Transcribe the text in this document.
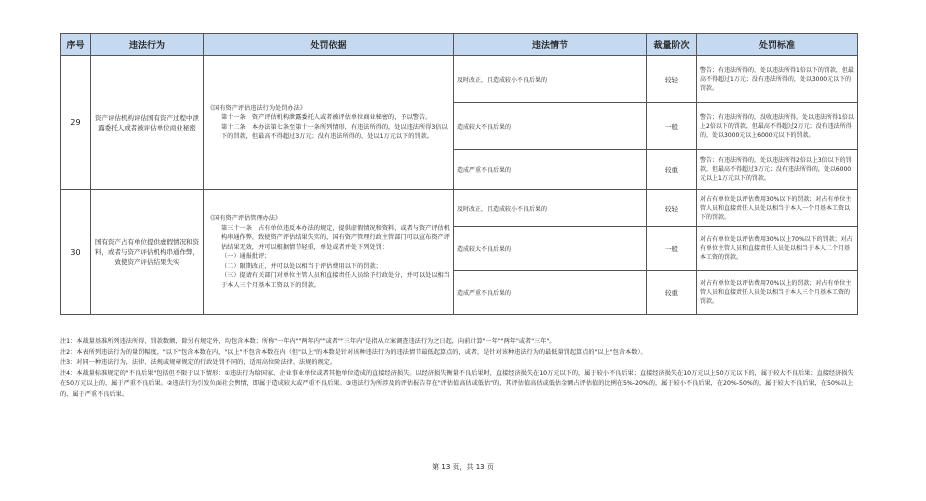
序号	违法行为	处罚依据	违法情节	裁量阶次	处罚标准
29	资产评估机构评估国有资产过程中泄露委托人或者被评估单位商业秘密	《国有资产评估违法行为处罚办法》
第十一条　资产评估机构泄露委托人或者被评估单位商业秘密的，予以警告。
第十二条　本办法第七条至第十一条所列情形，有违法所得的，处以违法所得3倍以下的罚款，但最高不得超过3万元；没有违法所得的，处以1万元以下的罚款。	及时改正，且造成较小不良后果的	较轻	警告；有违法所得的，处以违法所得1倍以下的罚款，但最高不得超过1万元；没有违法所得的，处以3000元以下的罚款。
			造成较大不良后果的	一般	警告；有违法所得的，没收违法所得，处以违法所得1倍以上2倍以下的罚款，但最高不得超过2万元；没有违法所得的，处以3000元以上6000元以下的罚款。
			造成严重不良后果的	较重	警告；有违法所得的，处以违法所得2倍以上3倍以下的罚款，但最高不得超过3万元；没有违法所得的，处以6000元以上1万元以下的罚款。
30	国有资产占有单位提供虚假情况和资料，或者与资产评估机构串通作弊，致使资产评估结果失实	《国有资产评估管理办法》
第三十一条　占有单位违反本办法的规定，提供虚假情况和资料，或者与资产评估机构串通作弊，致使资产评估结果失实的，国有资产管理行政主管部门可以宣布资产评估结果无效，并可以根据情节轻重，单处或者并处下列处罚：
（一）通报批评；
（二）限期改正，并可以处以相当于评估费用以下的罚款；
（三）提请有关部门对单位主管人员和直接责任人员给予行政处分，并可以处以相当于本人三个月基本工资以下的罚款。	及时改正，且造成较小不良后果的	较轻	对占有单位处以评估费用30%以下的罚款；对占有单位主管人员和直接责任人员处以相当于本人一个月基本工资以下的罚款。
			造成较大不良后果的	一般	对占有单位处以评估费用30%以上70%以下的罚款；对占有单位主管人员和直接责任人员处以相当于本人二个月基本工资的罚款。
			造成严重不良后果的	较重	对占有单位处以评估费用70%以上的罚款；对占有单位主管人员和直接责任人员处以相当于本人三个月基本工资的罚款。
注1：本裁量基准所列违法所得、罚款数额，除另有规定外，均包含本数；所称"一年内""两年内""或者""三年内"是指从立案调查违法行为之日起，向前计算"一年""两年"或者"三年"。
注2：本表所列违法行为的量罚幅度，"以下"包含本数在内，"以上"不包含本数在内（但"以上"的本数是针对该种违法行为的违法情节最低起算点的，或者，是针对该种违法行为的最低量罚起算点的"以上"包含本数）。
注3：对同一种违法行为，法律、法规或规章规定的行政处罚不同的，适用高位阶法律、法规的规定。
注4：本裁量标准规定的"不良后果"包括但不限于以下情形：①违法行为给国家、企业事业单位或者其他单位造成的直接经济损失。以经济损失衡量不良后果时，直接经济损失在10万元以下的，属于较小不良后果；直接经济损失在10万元以上50万元以下的，属于较大不良后果；直接经济损失在50万元以上的，属于严重不良后果。②违法行为引发负面社会舆情，即属于造成较大或严重不良后果。③违法行为所涉及的评估报告存在"评估值高估或低估"的，其评估值高估或低估金额占评估值的比例在5%-20%的，属于较小不良后果，在20%-50%的，属于较大不良后果，在50%以上的，属于严重不良后果。
第 13 页，共 13 页
